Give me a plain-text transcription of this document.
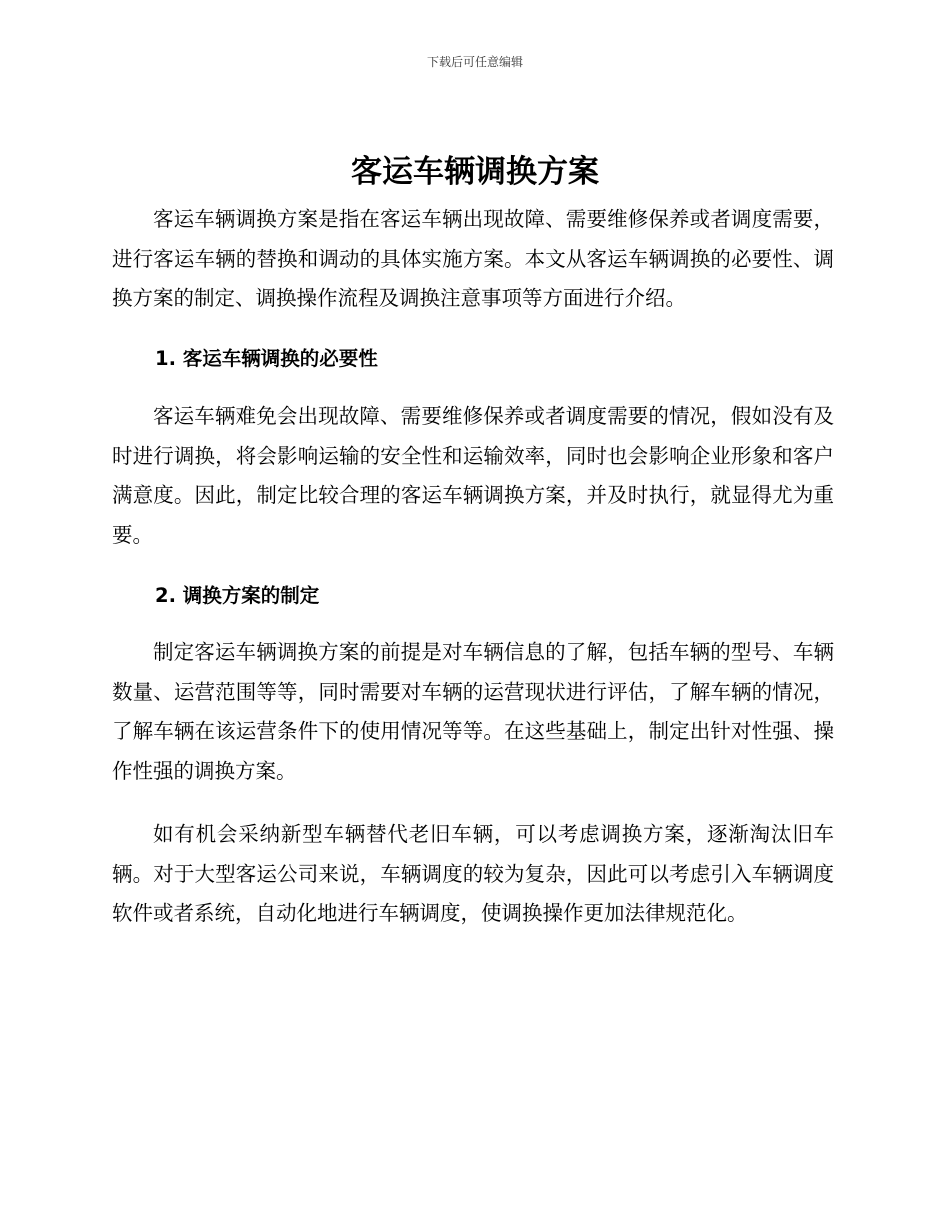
下载后可任意编辑
客运车辆调换方案

客运车辆调换方案是指在客运车辆出现故障、需要维修保养或者调度需要，进行客运车辆的替换和调动的具体实施方案。本文从客运车辆调换的必要性、调换方案的制定、调换操作流程及调换注意事项等方面进行介绍。

1. 客运车辆调换的必要性

客运车辆难免会出现故障、需要维修保养或者调度需要的情况，假如没有及时进行调换，将会影响运输的安全性和运输效率，同时也会影响企业形象和客户满意度。因此，制定比较合理的客运车辆调换方案，并及时执行，就显得尤为重要。

2. 调换方案的制定

制定客运车辆调换方案的前提是对车辆信息的了解，包括车辆的型号、车辆数量、运营范围等等，同时需要对车辆的运营现状进行评估，了解车辆的情况，了解车辆在该运营条件下的使用情况等等。在这些基础上，制定出针对性强、操作性强的调换方案。

如有机会采纳新型车辆替代老旧车辆，可以考虑调换方案，逐渐淘汰旧车辆。对于大型客运公司来说，车辆调度的较为复杂，因此可以考虑引入车辆调度软件或者系统，自动化地进行车辆调度，使调换操作更加法律规范化。
